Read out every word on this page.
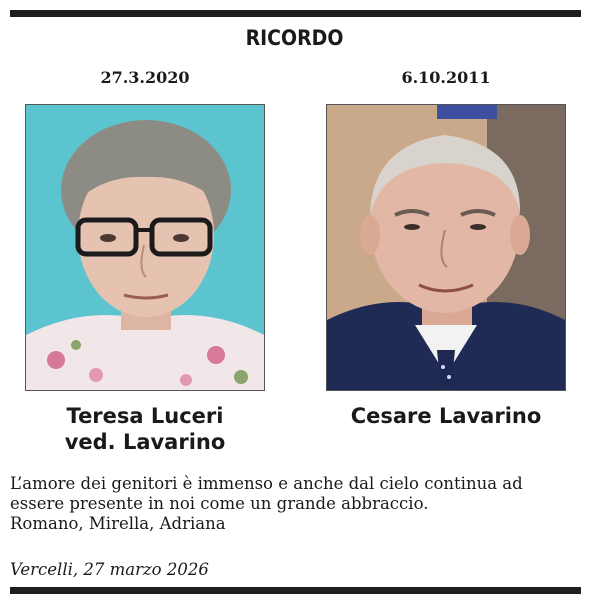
RICORDO
27.3.2020	6.10.2011
Teresa Luceri
ved. Lavarino
Cesare Lavarino
L’amore dei genitori è immenso e anche dal cielo continua ad
essere presente in noi come un grande abbraccio.
Romano, Mirella, Adriana
Vercelli, 27 marzo 2026
